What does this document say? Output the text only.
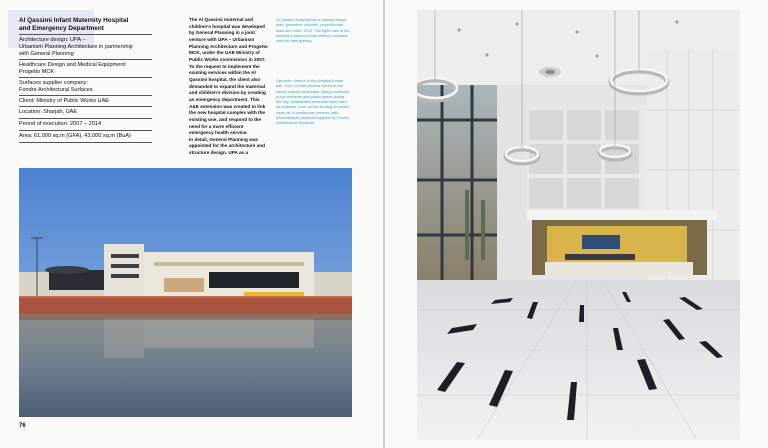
Al Qassimi Infant Maternity Hospital
and Emergency Department
Architecture design: UPA –
Urbanism Planning Architecture in partnership
with General Planning
Healthcare Design and Medical Equipment:
Progetto MCK
Surfaces supplier company:
Fondre Architectural Surfaces
Client: Ministry of Public Works UAE
Location: Sharjah, UAE
Period of execution: 2007 – 2014
Area: 61,000 sq.m (GFA), 43,000 sq.m (BuA)
The Al Qassimi maternal and
children's hospital was developed
by General Planning in a joint
venture with UPA – Urbanism
Planning Architecture and Progetto
MCK, under the UAE Ministry of
Public Works commission in 2007.
To the request to implement the
existing services within the Al
Qassimi hospital, the client also
demanded to expand the maternal
and children's division by creating
an emergency department. This
A&E extension was created to link
the new hospital complex with the
existing one, and respond to the
need for a more efficient
emergency health service.
In detail, General Planning was
appointed for the architecture and
structure design. UPA as a
Al Qassimi Hospital has a rational design
plan: geometric volumes, proportionate
lines and order, 2014. The light hues of the
building surfaces create striking contrasts
with the dark glazing.
Opposite: Interior of the hospital's main
hall, 2014. A wide window opens to the
sandy exterior landscape, giving continuity
to the entrance and public space during
the day. Sustainable materials were used
for surfaces, such as the flooring on active
clean air. A continuous ceramic, with
photocatalytic material supplied by Fondre
Architectural Surfaces.
76
